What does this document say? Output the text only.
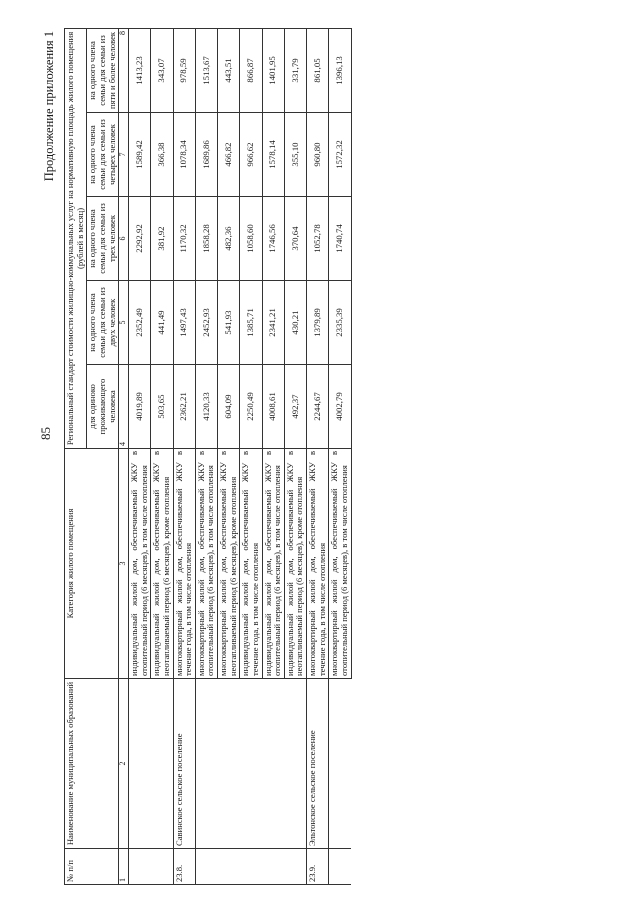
85
Продолжение приложения 1
№ п/п	Наименование муниципальных образований	Категория жилого помещения	Региональный стандарт стоимости жилищно-коммунальных услуг на нормативную площадь жилого помещения (рублей в месяц)				
			для одиноко проживающего человека	на одного члена семьи для семьи из двух человек	на одного члена семьи для семьи из трех человек	на одного члена семьи для семьи из четырех человек	на одного члена семьи для семьи из пяти и более человек
1	2	3	4	5	6	7	8
		индивидуальный жилой дом, обеспечиваемый ЖКУ в отопительный период (6 месяцев), в том числе отопления	4019,89	2352,49	2292,92	1589,42	1413,23
		индивидуальный жилой дом, обеспечиваемый ЖКУ в неотапливаемый период (6 месяцев), кроме отопления	503,65	441,49	381,92	366,38	343,07
23.8.	Савинское сельское поселение	многоквартирный жилой дом, обеспечиваемый ЖКУ в течение года, в том числе отопления	2362,21	1497,43	1170,32	1078,34	978,59
		многоквартирный жилой дом, обеспечиваемый ЖКУ в отопительный период (6 месяцев), в том числе отопления	4120,33	2452,93	1858,28	1689,86	1513,67
		многоквартирный жилой дом, обеспечиваемый ЖКУ в неотапливаемый период (6 месяцев), кроме отопления	604,09	541,93	482,36	466,82	443,51
		индивидуальный жилой дом, обеспечиваемый ЖКУ в течение года, в том числе отопления	2250,49	1385,71	1058,60	966,62	866,87
		индивидуальный жилой дом, обеспечиваемый ЖКУ в отопительный период (6 месяцев), в том числе отопления	4008,61	2341,21	1746,56	1578,14	1401,95
		индивидуальный жилой дом, обеспечиваемый ЖКУ в неотапливаемый период (6 месяцев), кроме отопления	492,37	430,21	370,64	355,10	331,79
23.9.	Эльтонское сельское поселение	многоквартирный жилой дом, обеспечиваемый ЖКУ в течение года, в том числе отопления	2244,67	1379,89	1052,78	960,80	861,05
		многоквартирный жилой дом, обеспечиваемый ЖКУ в отопительный период (6 месяцев), в том числе отопления	4002,79	2335,39	1740,74	1572,32	1396,13
